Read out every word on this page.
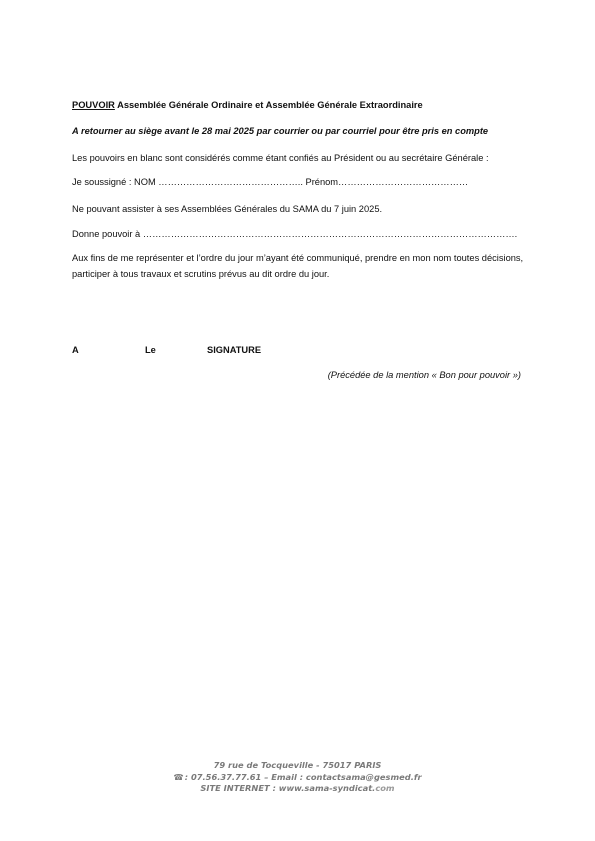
POUVOIR Assemblée Générale Ordinaire et Assemblée Générale Extraordinaire
A retourner au siège avant le 28 mai 2025 par courrier ou par courriel pour être pris en compte
Les pouvoirs en blanc sont considérés comme étant confiés au Président ou au secrétaire Générale :
Je soussigné : NOM ……………………………………….. Prénom……………………………………
Ne pouvant assister à ses Assemblées Générales du SAMA du 7 juin 2025.
Donne pouvoir à ………………………………………………………………………………………………………….
Aux fins de me représenter et l’ordre du jour m’ayant été communiqué, prendre en mon nom toutes décisions, participer à tous travaux et scrutins prévus au dit ordre du jour.
A	Le	SIGNATURE
(Précédée de la mention « Bon pour pouvoir »)
79 rue de Tocqueville - 75017 PARIS
☎: 07.56.37.77.61 – Email : contactsama@gesmed.fr
SITE INTERNET : www.sama-syndicat.com
